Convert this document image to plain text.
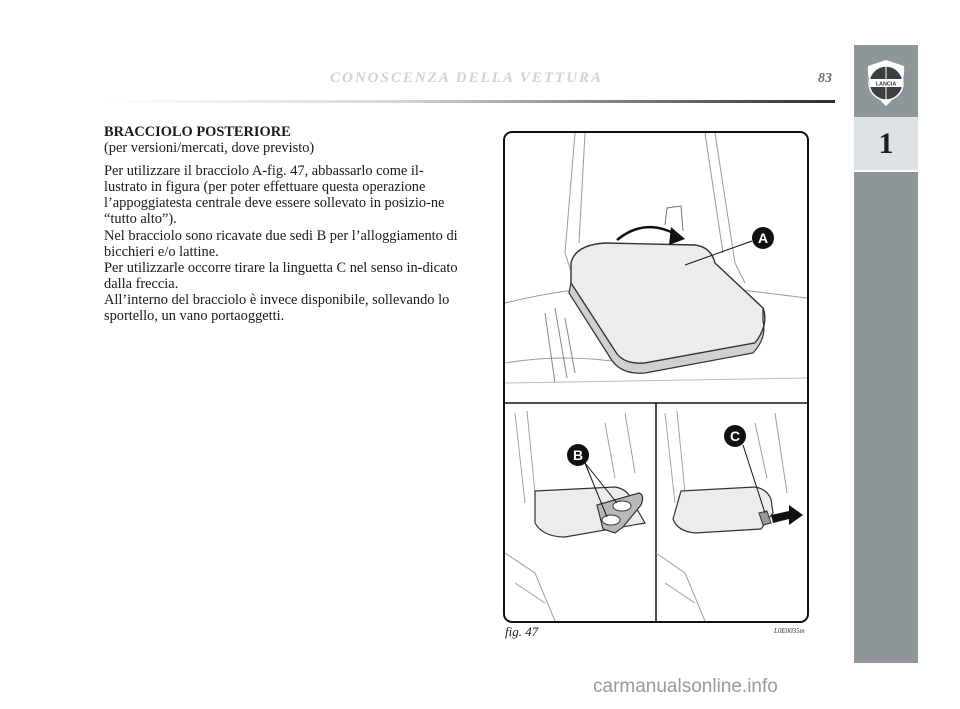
CONOSCENZA DELLA VETTURA	83	LANCIA
1

BRACCIOLO POSTERIORE

(per versioni/mercati, dove previsto)

Per utilizzare il bracciolo A-fig. 47, abbassarlo come il-lustrato in figura (per poter effettuare questa operazione l’appoggiatesta centrale deve essere sollevato in posizio-ne “tutto alto”).

Nel bracciolo sono ricavate due sedi B per l’alloggiamento di bicchieri e/o lattine.

Per utilizzarle occorre tirare la linguetta C nel senso in-dicato dalla freccia.

All’interno del bracciolo è invece disponibile, sollevando lo sportello, un vano portaoggetti.

A
B
C
fig. 47	L0E0035m
carmanualsonline.info
